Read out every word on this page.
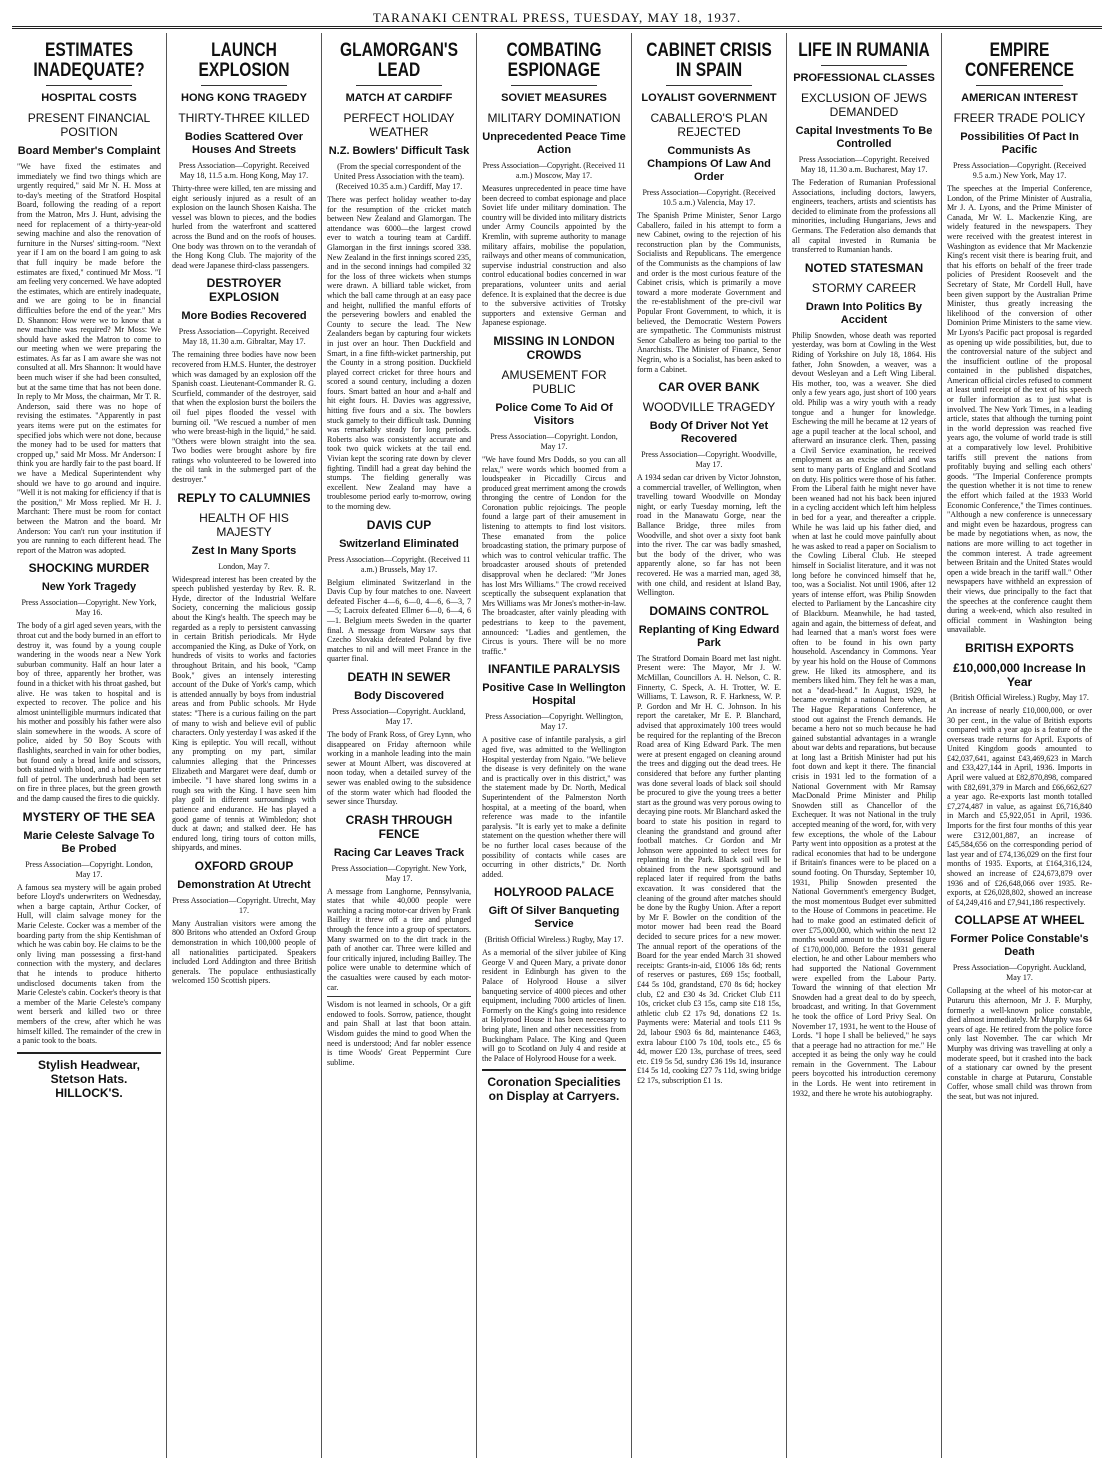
TARANAKI CENTRAL PRESS, TUESDAY, MAY 18, 1937.
ESTIMATES INADEQUATE?
HOSPITAL COSTS
PRESENT FINANCIAL POSITION
Board Member's Complaint

"We have fixed the estimates and immediately we find two things which are urgently required," said Mr N. H. Moss at to-day's meeting of the Stratford Hospital Board, following the reading of a report from the Matron, Mrs J. Hunt, advising the need for replacement of a thirty-year-old sewing machine and also the renovation of furniture in the Nurses' sitting-room. "Next year if I am on the board I am going to ask that full inquiry be made before the estimates are fixed," continued Mr Moss. "I am feeling very concerned. We have adopted the estimates, which are entirely inadequate, and we are going to be in financial difficulties before the end of the year." Mrs D. Shannon: How were we to know that a new machine was required? Mr Moss: We should have asked the Matron to come to our meeting when we were preparing the estimates. As far as I am aware she was not consulted at all. Mrs Shannon: It would have been much wiser if she had been consulted, but at the same time that has not been done. In reply to Mr Moss, the chairman, Mr T. R. Anderson, said there was no hope of revising the estimates. "Apparently in past years items were put on the estimates for specified jobs which were not done, because the money had to be used for matters that cropped up," said Mr Moss. Mr Anderson: I think you are hardly fair to the past board. If we have a Medical Superintendent why should we have to go around and inquire. "Well it is not making for efficiency if that is the position," Mr Moss replied. Mr H. J. Marchant: There must be room for contact between the Matron and the board. Mr Anderson: You can't run your institution if you are running to each different head. The report of the Matron was adopted.

SHOCKING MURDER
New York Tragedy
Press Association—Copyright. New York, May 16.

The body of a girl aged seven years, with the throat cut and the body burned in an effort to destroy it, was found by a young couple wandering in the woods near a New York suburban community. Half an hour later a boy of three, apparently her brother, was found in a thicket with his throat gashed, but alive. He was taken to hospital and is expected to recover. The police and his almost unintelligible murmurs indicated that his mother and possibly his father were also slain somewhere in the woods. A score of police, aided by 50 Boy Scouts with flashlights, searched in vain for other bodies, but found only a bread knife and scissors, both stained with blood, and a bottle quarter full of petrol. The underbrush had been set on fire in three places, but the green growth and the damp caused the fires to die quickly.

MYSTERY OF THE SEA
Marie Celeste Salvage To Be Probed
Press Association—Copyright. London, May 17.

A famous sea mystery will be again probed before Lloyd's underwriters on Wednesday, when a barge captain, Arthur Cocker, of Hull, will claim salvage money for the Marie Celeste. Cocker was a member of the boarding party from the ship Kentishman of which he was cabin boy. He claims to be the only living man possessing a first-hand connection with the mystery, and declares that he intends to produce hitherto undisclosed documents taken from the Marie Celeste's cabin. Cocker's theory is that a member of the Marie Celeste's company went berserk and killed two or three members of the crew, after which he was himself killed. The remainder of the crew in a panic took to the boats.

Stylish Headwear, Stetson Hats. HILLOCK'S.
LAUNCH EXPLOSION
HONG KONG TRAGEDY
THIRTY-THREE KILLED
Bodies Scattered Over Houses And Streets
Press Association—Copyright. Received May 18, 11.5 a.m. Hong Kong, May 17.

Thirty-three were killed, ten are missing and eight seriously injured as a result of an explosion on the launch Shosen Kaisha. The vessel was blown to pieces, and the bodies hurled from the waterfront and scattered across the Bund and on the roofs of houses. One body was thrown on to the verandah of the Hong Kong Club. The majority of the dead were Japanese third-class passengers.

DESTROYER EXPLOSION
More Bodies Recovered
Press Association—Copyright. Received May 18, 11.30 a.m. Gibraltar, May 17.

The remaining three bodies have now been recovered from H.M.S. Hunter, the destroyer which was damaged by an explosion off the Spanish coast. Lieutenant-Commander R. G. Scurfield, commander of the destroyer, said that when the explosion burst the boilers the oil fuel pipes flooded the vessel with burning oil. "We rescued a number of men who were breast-high in the liquid," he said. "Others were blown straight into the sea. Two bodies were brought ashore by fire ratings who volunteered to be lowered into the oil tank in the submerged part of the destroyer."

REPLY TO CALUMNIES
HEALTH OF HIS MAJESTY
Zest In Many Sports
London, May 7.

Widespread interest has been created by the speech published yesterday by Rev. R. R. Hyde, director of the Industrial Welfare Society, concerning the malicious gossip about the King's health. The speech may be regarded as a reply to persistent canvassing in certain British periodicals. Mr Hyde accompanied the King, as Duke of York, on hundreds of visits to works and factories throughout Britain, and his book, "Camp Book," gives an intensely interesting account of the Duke of York's camp, which is attended annually by boys from industrial areas and from Public schools. Mr Hyde states: "There is a curious failing on the part of many to wish and believe evil of public characters. Only yesterday I was asked if the King is epileptic. You will recall, without any prompting on my part, similar calumnies alleging that the Princesses Elizabeth and Margaret were deaf, dumb or imbecile. "I have shared long swims in a rough sea with the King. I have seen him play golf in different surroundings with patience and endurance. He has played a good game of tennis at Wimbledon; shot duck at dawn; and stalked deer. He has endured long, tiring tours of cotton mills, shipyards, and mines.

OXFORD GROUP
Demonstration At Utrecht
Press Association—Copyright. Utrecht, May 17.

Many Australian visitors were among the 800 Britons who attended an Oxford Group demonstration in which 100,000 people of all nationalities participated. Speakers included Lord Addington and three British generals. The populace enthusiastically welcomed 150 Scottish pipers.

GLAMORGAN'S LEAD
MATCH AT CARDIFF
PERFECT HOLIDAY WEATHER
N.Z. Bowlers' Difficult Task
(From the special correspondent of the United Press Association with the team). (Received 10.35 a.m.) Cardiff, May 17.

There was perfect holiday weather to-day for the resumption of the cricket match between New Zealand and Glamorgan. The attendance was 6000—the largest crowd ever to watch a touring team at Cardiff. Glamorgan in the first innings scored 338. New Zealand in the first innings scored 235, and in the second innings had compiled 32 for the loss of three wickets when stumps were drawn. A billiard table wicket, from which the ball came through at an easy pace and height, nullified the manful efforts of the persevering bowlers and enabled the County to secure the lead. The New Zealanders began by capturing four wickets in just over an hour. Then Duckfield and Smart, in a fine fifth-wicket partnership, put the County in a strong position. Duckfield played correct cricket for three hours and scored a sound century, including a dozen fours. Smart batted an hour and a-half and hit eight fours. H. Davies was aggressive, hitting five fours and a six. The bowlers stuck gamely to their difficult task. Dunning was remarkably steady for long periods. Roberts also was consistently accurate and took two quick wickets at the tail end. Vivian kept the scoring rate down by clever fighting. Tindill had a great day behind the stumps. The fielding generally was excellent. New Zealand may have a troublesome period early to-morrow, owing to the morning dew.

DAVIS CUP
Switzerland Eliminated
Press Association—Copyright. (Received 11 a.m.) Brussels, May 17.

Belgium eliminated Switzerland in the Davis Cup by four matches to one. Naveert defeated Fischer 4—6, 6—0, 4—6, 6—3, 7—5; Lacroix defeated Ellmer 6—0, 6—4, 6—1. Belgium meets Sweden in the quarter final. A message from Warsaw says that Czecho Slovakia defeated Poland by five matches to nil and will meet France in the quarter final.

DEATH IN SEWER
Body Discovered
Press Association—Copyright. Auckland, May 17.

The body of Frank Ross, of Grey Lynn, who disappeared on Friday afternoon while working in a manhole leading into the main sewer at Mount Albert, was discovered at noon today, when a detailed survey of the sewer was enabled owing to the subsidence of the storm water which had flooded the sewer since Thursday.

CRASH THROUGH FENCE
Racing Car Leaves Track
Press Association—Copyright. New York, May 17.

A message from Langhorne, Pennsylvania, states that while 40,000 people were watching a racing motor-car driven by Frank Bailley it threw off a tire and plunged through the fence into a group of spectators. Many swarmed on to the dirt track in the path of another car. Three were killed and four critically injured, including Bailley. The police were unable to determine which of the casualties were caused by each motor-car.

Wisdom is not learned in schools, Or a gift endowed to fools. Sorrow, patience, thought and pain Shall at last that boon attain. Wisdom guides the mind to good When the need is understood; And far nobler essence is time Woods' Great Peppermint Cure sublime.

COMBATING ESPIONAGE
SOVIET MEASURES
MILITARY DOMINATION
Unprecedented Peace Time Action
Press Association—Copyright. (Received 11 a.m.) Moscow, May 17.

Measures unprecedented in peace time have been decreed to combat espionage and place Soviet life under military domination. The country will be divided into military districts under Army Councils appointed by the Kremlin, with supreme authority to manage military affairs, mobilise the population, railways and other means of communication, supervise industrial construction and also control educational bodies concerned in war preparations, volunteer units and aerial defence. It is explained that the decree is due to the subversive activities of Trotsky supporters and extensive German and Japanese espionage.

MISSING IN LONDON CROWDS
AMUSEMENT FOR PUBLIC
Police Come To Aid Of Visitors
Press Association—Copyright. London, May 17.

"We have found Mrs Dodds, so you can all relax," were words which boomed from a loudspeaker in Piccadilly Circus and produced great merriment among the crowds thronging the centre of London for the Coronation public rejoicings. The people found a large part of their amusement in listening to attempts to find lost visitors. These emanated from the police broadcasting station, the primary purpose of which was to control vehicular traffic. The broadcaster aroused shouts of pretended disapproval when he declared: "Mr Jones has lost Mrs Williams." The crowd received sceptically the subsequent explanation that Mrs Williams was Mr Jones's mother-in-law. The broadcaster, after vainly pleading with pedestrians to keep to the pavement, announced: "Ladies and gentlemen, the Circus is yours. There will be no more traffic."

INFANTILE PARALYSIS
Positive Case In Wellington Hospital
Press Association—Copyright. Wellington, May 17.

A positive case of infantile paralysis, a girl aged five, was admitted to the Wellington Hospital yesterday from Ngaio. "We believe the disease is very definitely on the wane and is practically over in this district," was the statement made by Dr. North, Medical Superintendent of the Palmerston North hospital, at a meeting of the board, when reference was made to the infantile paralysis. "It is early yet to make a definite statement on the question whether there will be no further local cases because of the possibility of contacts while cases are occurring in other districts," Dr. North added.

HOLYROOD PALACE
Gift Of Silver Banqueting Service
(British Official Wireless.) Rugby, May 17.

As a memorial of the silver jubilee of King George V and Queen Mary, a private donor resident in Edinburgh has given to the Palace of Holyrood House a silver banqueting service of 4000 pieces and other equipment, including 7000 articles of linen. Formerly on the King's going into residence at Holyrood House it has been necessary to bring plate, linen and other necessities from Buckingham Palace. The King and Queen will go to Scotland on July 4 and reside at the Palace of Holyrood House for a week.

Coronation Specialities on Display at Carryers.
CABINET CRISIS IN SPAIN
LOYALIST GOVERNMENT
CABALLERO'S PLAN REJECTED
Communists As Champions Of Law And Order
Press Association—Copyright. (Received 10.5 a.m.) Valencia, May 17.

The Spanish Prime Minister, Senor Largo Caballero, failed in his attempt to form a new Cabinet, owing to the rejection of his reconstruction plan by the Communists, Socialists and Republicans. The emergence of the Communists as the champions of law and order is the most curious feature of the Cabinet crisis, which is primarily a move toward a more moderate Government and the re-establishment of the pre-civil war Popular Front Government, to which, it is believed, the Democratic Western Powers are sympathetic. The Communists mistrust Senor Caballero as being too partial to the Anarchists. The Minister of Finance, Senor Negrin, who is a Socialist, has been asked to form a Cabinet.

CAR OVER BANK
WOODVILLE TRAGEDY
Body Of Driver Not Yet Recovered
Press Association—Copyright. Woodville, May 17.

A 1934 sedan car driven by Victor Johnston, a commercial traveller, of Wellington, when travelling toward Woodville on Monday night, or early Tuesday morning, left the road in the Manawatu Gorge, near the Ballance Bridge, three miles from Woodville, and shot over a sixty foot bank into the river. The car was badly smashed, but the body of the driver, who was apparently alone, so far has not been recovered. He was a married man, aged 38, with one child, and resident at Island Bay, Wellington.

DOMAINS CONTROL
Replanting of King Edward Park

The Stratford Domain Board met last night. Present were: The Mayor, Mr J. W. McMillan, Councillors A. H. Nelson, C. R. Finnerty, C. Speck, A. H. Trotter, W. E. Williams, T. Lawson, R. F. Harkness, W. P. P. Gordon and Mr H. C. Johnson. In his report the caretaker, Mr E. P. Blanchard, advised that approximately 100 trees would be required for the replanting of the Brecon Road area of King Edward Park. The men were at present engaged on cleaning around the trees and digging out the dead trees. He considered that before any further planting was done several loads of black soil should be procured to give the young trees a better start as the ground was very porous owing to decaying pine roots. Mr Blanchard asked the board to state his position in regard to cleaning the grandstand and ground after football matches. Cr Gordon and Mr Johnson were appointed to select trees for replanting in the Park. Black soil will be obtained from the new sportsground and replaced later if required from the baths excavation. It was considered that the cleaning of the ground after matches should be done by the Rugby Union. After a report by Mr F. Bowler on the condition of the motor mower had been read the Board decided to secure prices for a new mower. The annual report of the operations of the Board for the year ended March 31 showed receipts: Grants-in-aid, £1006 18s 6d; rents of reserves or pastures, £69 15s; football, £44 5s 10d, grandstand, £70 8s 6d; hockey club, £2 and £30 4s 3d. Cricket Club £11 10s, cricket club £3 15s, camp site £18 15s, athletic club £2 17s 9d, donations £2 1s. Payments were: Material and tools £11 9s 2d, labour £903 6s 8d, maintenance £463, extra labour £100 7s 10d, tools etc., £5 6s 4d, mower £20 13s, purchase of trees, seed etc. £19 5s 5d, sundry £36 19s 1d, insurance £14 5s 1d, cooking £27 7s 11d, swing bridge £2 17s, subscription £1 1s.

LIFE IN RUMANIA
PROFESSIONAL CLASSES
EXCLUSION OF JEWS DEMANDED
Capital Investments To Be Controlled
Press Association—Copyright. Received May 18, 11.30 a.m. Bucharest, May 17.

The Federation of Rumanian Professional Associations, including doctors, lawyers, engineers, teachers, artists and scientists has decided to eliminate from the professions all minorities, including Hungarians, Jews and Germans. The Federation also demands that all capital invested in Rumania be transferred to Rumanian hands.

NOTED STATESMAN
STORMY CAREER
Drawn Into Politics By Accident

Philip Snowden, whose death was reported yesterday, was born at Cowling in the West Riding of Yorkshire on July 18, 1864. His father, John Snowden, a weaver, was a devout Wesleyan and a Left Wing Liberal. His mother, too, was a weaver. She died only a few years ago, just short of 100 years old. Philip was a wiry youth with a ready tongue and a hunger for knowledge. Eschewing the mill he became at 12 years of age a pupil teacher at the local school, and afterward an insurance clerk. Then, passing a Civil Service examination, he received employment as an excise official and was sent to many parts of England and Scotland on duty. His politics were those of his father. From the Liberal faith he might never have been weaned had not his back been injured in a cycling accident which left him helpless in bed for a year, and thereafter a cripple. While he was laid up his father died, and when at last he could move painfully about he was asked to read a paper on Socialism to the Cowling Liberal Club. He steeped himself in Socialist literature, and it was not long before he convinced himself that he, too, was a Socialist. Not until 1906, after 12 years of intense effort, was Philip Snowden elected to Parliament by the Lancashire city of Blackburn. Meanwhile, he had tasted, again and again, the bitterness of defeat, and had learned that a man's worst foes were often to be found in his own party household. Ascendancy in Commons. Year by year his hold on the House of Commons grew. He liked its atmosphere, and its members liked him. They felt he was a man, not a "dead-head." In August, 1929, he became overnight a national hero when, at The Hague Reparations Conference, he stood out against the French demands. He became a hero not so much because he had gained substantial advantages in a wrangle about war debts and reparations, but because at long last a British Minister had put his foot down and kept it there. The financial crisis in 1931 led to the formation of a National Government with Mr Ramsay MacDonald Prime Minister and Philip Snowden still as Chancellor of the Exchequer. It was not National in the truly accepted meaning of the word, for, with very few exceptions, the whole of the Labour Party went into opposition as a protest at the radical economies that had to be undergone if Britain's finances were to be placed on a sound footing. On Thursday, September 10, 1931, Philip Snowden presented the National Government's emergency Budget, the most momentous Budget ever submitted to the House of Commons in peacetime. He had to make good an estimated deficit of over £75,000,000, which within the next 12 months would amount to the colossal figure of £170,000,000. Before the 1931 general election, he and other Labour members who had supported the National Government were expelled from the Labour Party. Toward the winning of that election Mr Snowden had a great deal to do by speech, broadcast, and writing. In that Government he took the office of Lord Privy Seal. On November 17, 1931, he went to the House of Lords. "I hope I shall be believed," he says that a peerage had no attraction for me." He accepted it as being the only way he could remain in the Government. The Labour peers boycotted his introduction ceremony in the Lords. He went into retirement in 1932, and there he wrote his autobiography.

EMPIRE CONFERENCE
AMERICAN INTEREST
FREER TRADE POLICY
Possibilities Of Pact In Pacific
Press Association—Copyright. (Received 9.5 a.m.) New York, May 17.

The speeches at the Imperial Conference, London, of the Prime Minister of Australia, Mr J. A. Lyons, and the Prime Minister of Canada, Mr W. L. Mackenzie King, are widely featured in the newspapers. They were received with the greatest interest in Washington as evidence that Mr Mackenzie King's recent visit there is bearing fruit, and that his efforts on behalf of the freer trade policies of President Roosevelt and the Secretary of State, Mr Cordell Hull, have been given support by the Australian Prime Minister, thus greatly increasing the likelihood of the conversion of other Dominion Prime Ministers to the same view. Mr Lyons's Pacific pact proposal is regarded as opening up wide possibilities, but, due to the controversial nature of the subject and the insufficient outline of the proposal contained in the published dispatches, American official circles refused to comment at least until receipt of the text of his speech or fuller information as to just what is involved. The New York Times, in a leading article, states that although the turning point in the world depression was reached five years ago, the volume of world trade is still at a comparatively low level. Prohibitive tariffs still prevent the nations from profitably buying and selling each others' goods. "The Imperial Conference prompts the question whether it is not time to renew the effort which failed at the 1933 World Economic Conference," the Times continues. "Although a new conference is unnecessary and might even be hazardous, progress can be made by negotiations when, as now, the nations are more willing to act together in the common interest. A trade agreement between Britain and the United States would open a wide breach in the tariff wall." Other newspapers have withheld an expression of their views, due principally to the fact that the speeches at the conference caught them during a week-end, which also resulted in official comment in Washington being unavailable.

BRITISH EXPORTS
£10,000,000 Increase In Year
(British Official Wireless.) Rugby, May 17.

An increase of nearly £10,000,000, or over 30 per cent., in the value of British exports compared with a year ago is a feature of the overseas trade returns for April. Exports of United Kingdom goods amounted to £42,037,641, against £43,469,623 in March and £33,427,144 in April, 1936. Imports in April were valued at £82,870,898, compared with £82,691,379 in March and £66,662,627 a year ago. Re-exports last month totalled £7,274,487 in value, as against £6,716,840 in March and £5,922,051 in April, 1936. Imports for the first four months of this year were £312,001,887, an increase of £45,584,656 on the corresponding period of last year and of £74,136,029 on the first four months of 1935. Exports, at £164,316,124, showed an increase of £24,673,879 over 1936 and of £26,648,066 over 1935. Re-exports, at £26,028,802, showed an increase of £4,249,416 and £7,941,186 respectively.

COLLAPSE AT WHEEL
Former Police Constable's Death
Press Association—Copyright. Auckland, May 17.

Collapsing at the wheel of his motor-car at Putaruru this afternoon, Mr J. F. Murphy, formerly a well-known police constable, died almost immediately. Mr Murphy was 64 years of age. He retired from the police force only last November. The car which Mr Murphy was driving was travelling at only a moderate speed, but it crashed into the back of a stationary car owned by the present constable in charge at Putaruru, Constable Coffer, whose small child was thrown from the seat, but was not injured.
